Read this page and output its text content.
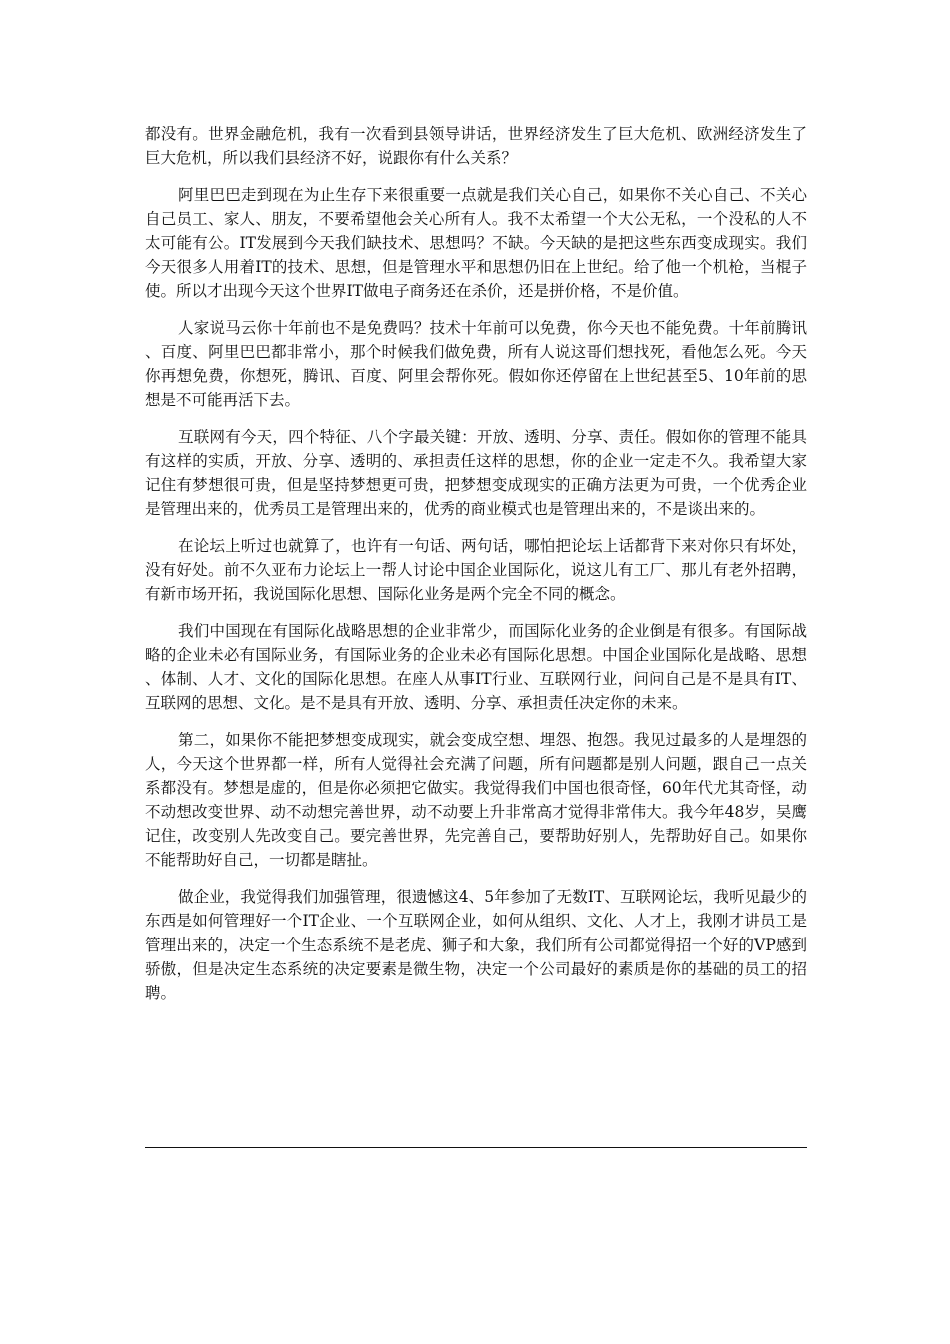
都没有。世界金融危机，我有一次看到县领导讲话，世界经济发生了巨大危机、欧洲经济发生了巨大危机，所以我们县经济不好，说跟你有什么关系？

阿里巴巴走到现在为止生存下来很重要一点就是我们关心自己，如果你不关心自己、不关心自己员工、家人、朋友，不要希望他会关心所有人。我不太希望一个大公无私，一个没私的人不太可能有公。IT发展到今天我们缺技术、思想吗？不缺。今天缺的是把这些东西变成现实。我们今天很多人用着IT的技术、思想，但是管理水平和思想仍旧在上世纪。给了他一个机枪，当棍子使。所以才出现今天这个世界IT做电子商务还在杀价，还是拼价格，不是价值。

人家说马云你十年前也不是免费吗？技术十年前可以免费，你今天也不能免费。十年前腾讯、百度、阿里巴巴都非常小，那个时候我们做免费，所有人说这哥们想找死，看他怎么死。今天你再想免费，你想死，腾讯、百度、阿里会帮你死。假如你还停留在上世纪甚至5、10年前的思想是不可能再活下去。

互联网有今天，四个特征、八个字最关键：开放、透明、分享、责任。假如你的管理不能具有这样的实质，开放、分享、透明的、承担责任这样的思想，你的企业一定走不久。我希望大家记住有梦想很可贵，但是坚持梦想更可贵，把梦想变成现实的正确方法更为可贵，一个优秀企业是管理出来的，优秀员工是管理出来的，优秀的商业模式也是管理出来的，不是谈出来的。

在论坛上听过也就算了，也许有一句话、两句话，哪怕把论坛上话都背下来对你只有坏处，没有好处。前不久亚布力论坛上一帮人讨论中国企业国际化，说这儿有工厂、那儿有老外招聘，有新市场开拓，我说国际化思想、国际化业务是两个完全不同的概念。

我们中国现在有国际化战略思想的企业非常少，而国际化业务的企业倒是有很多。有国际战略的企业未必有国际业务，有国际业务的企业未必有国际化思想。中国企业国际化是战略、思想、体制、人才、文化的国际化思想。在座人从事IT行业、互联网行业，问问自己是不是具有IT、互联网的思想、文化。是不是具有开放、透明、分享、承担责任决定你的未来。

第二，如果你不能把梦想变成现实，就会变成空想、埋怨、抱怨。我见过最多的人是埋怨的人，今天这个世界都一样，所有人觉得社会充满了问题，所有问题都是别人问题，跟自己一点关系都没有。梦想是虚的，但是你必须把它做实。我觉得我们中国也很奇怪，60年代尤其奇怪，动不动想改变世界、动不动想完善世界，动不动要上升非常高才觉得非常伟大。我今年48岁，吴鹰记住，改变别人先改变自己。要完善世界，先完善自己，要帮助好别人，先帮助好自己。如果你不能帮助好自己，一切都是瞎扯。

做企业，我觉得我们加强管理，很遗憾这4、5年参加了无数IT、互联网论坛，我听见最少的东西是如何管理好一个IT企业、一个互联网企业，如何从组织、文化、人才上，我刚才讲员工是管理出来的，决定一个生态系统不是老虎、狮子和大象，我们所有公司都觉得招一个好的VP感到骄傲，但是决定生态系统的决定要素是微生物，决定一个公司最好的素质是你的基础的员工的招聘。
